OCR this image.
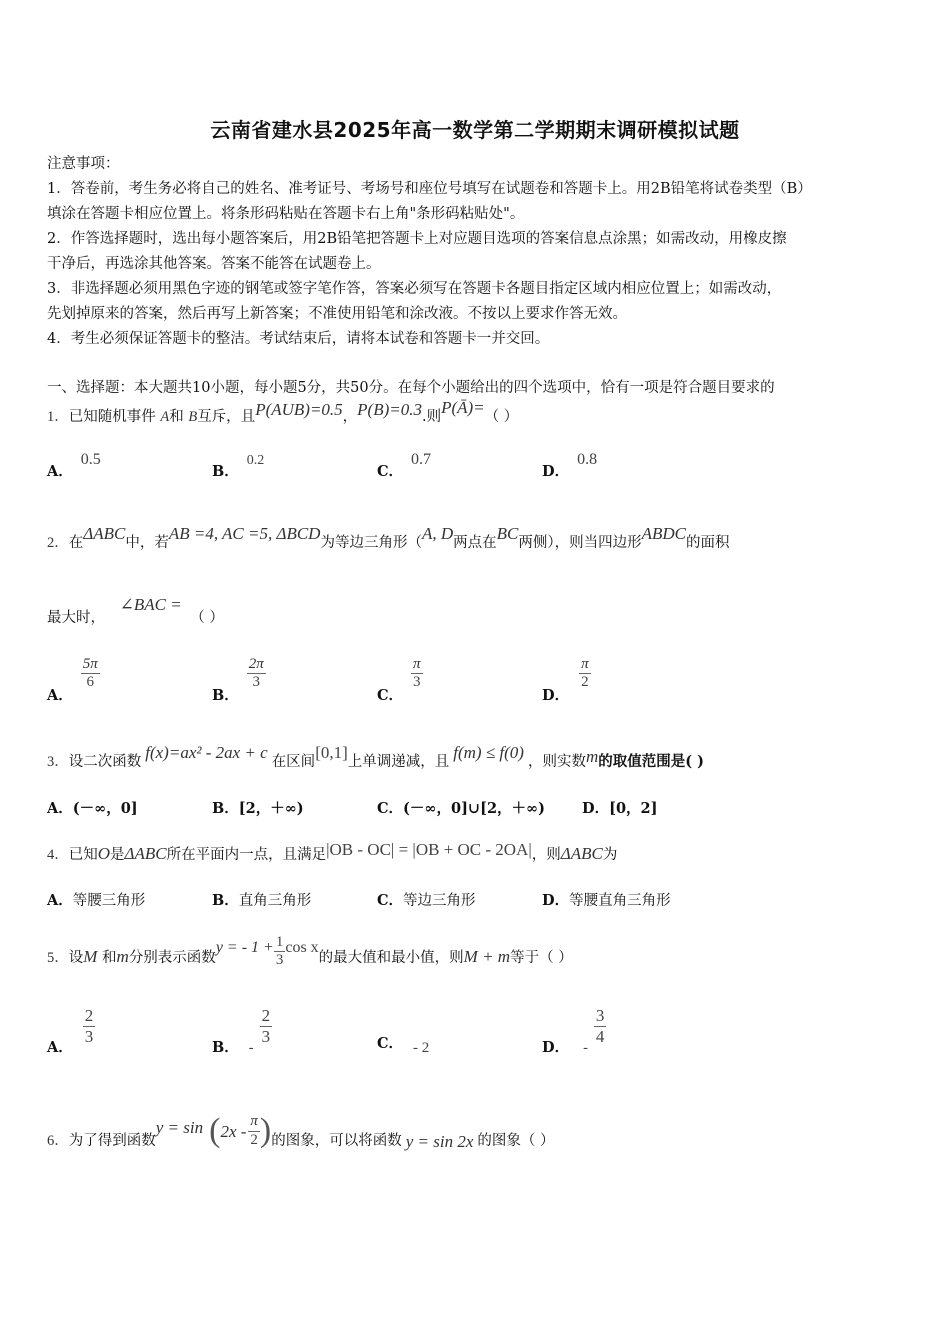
云南省建水县2025年高一数学第二学期期末调研模拟试题
注意事项：
1．答卷前，考生务必将自己的姓名、准考证号、考场号和座位号填写在试题卷和答题卡上。用2B铅笔将试卷类型（B）
填涂在答题卡相应位置上。将条形码粘贴在答题卡右上角"条形码粘贴处"。
2．作答选择题时，选出每小题答案后，用2B铅笔把答题卡上对应题目选项的答案信息点涂黑；如需改动，用橡皮擦
干净后，再选涂其他答案。答案不能答在试题卷上。
3．非选择题必须用黑色字迹的钢笔或签字笔作答，答案必须写在答题卡各题目指定区域内相应位置上；如需改动，
先划掉原来的答案，然后再写上新答案；不准使用铅笔和涂改液。不按以上要求作答无效。
4．考生必须保证答题卡的整洁。考试结束后，请将本试卷和答题卡一并交回。
一、选择题：本大题共10小题，每小题5分，共50分。在每个小题给出的四个选项中，恰有一项是符合题目要求的
1．已知随机事件 A和 B互斥，且P(AUB)=0.5，P(B)=0.3.则P(Ā)=（ ）
A．0.5
B．0.2
C．0.7
D．0.8
2．在ΔABC中，若AB =4, AC =5, ΔBCD为等边三角形（A, D两点在BC两侧），则当四边形ABDC的面积
最大时， ∠BAC = （ ）
A．
$\frac{5\pi}{6}$
B．
$\frac{2\pi}{3}$
C．
$\frac{\pi}{3}$
D．
$\frac{\pi}{2}$
3．设二次函数 f(x)=ax² - 2ax + c 在区间[0,1]上单调递减，且 f(m) ≤ f(0) ，则实数m的取值范围是( )
A．(－∞，0]	B．[2，＋∞)	C．(－∞，0]∪[2，＋∞)	D．[0，2]
4．已知O是ΔABC所在平面内一点，且满足|OB - OC| = |OB + OC - 2OA|，则ΔABC为
A．等腰三角形	B．直角三角形	C．等边三角形	D．等腰直角三角形
5．设M 和m分别表示函数y = - $1 + \frac{1}{3}$ cos x的最大值和最小值，则M + m等于（ ）
A．
$\frac{2}{3}$
B． -
$\frac{2}{3}$	C． - 2	D． -
$\frac{3}{4}$
6．为了得到函数$y = \sin (2x - \frac{\pi}{2}$ )的图象，可以将函数 y = sin 2x 的图象（ ）
